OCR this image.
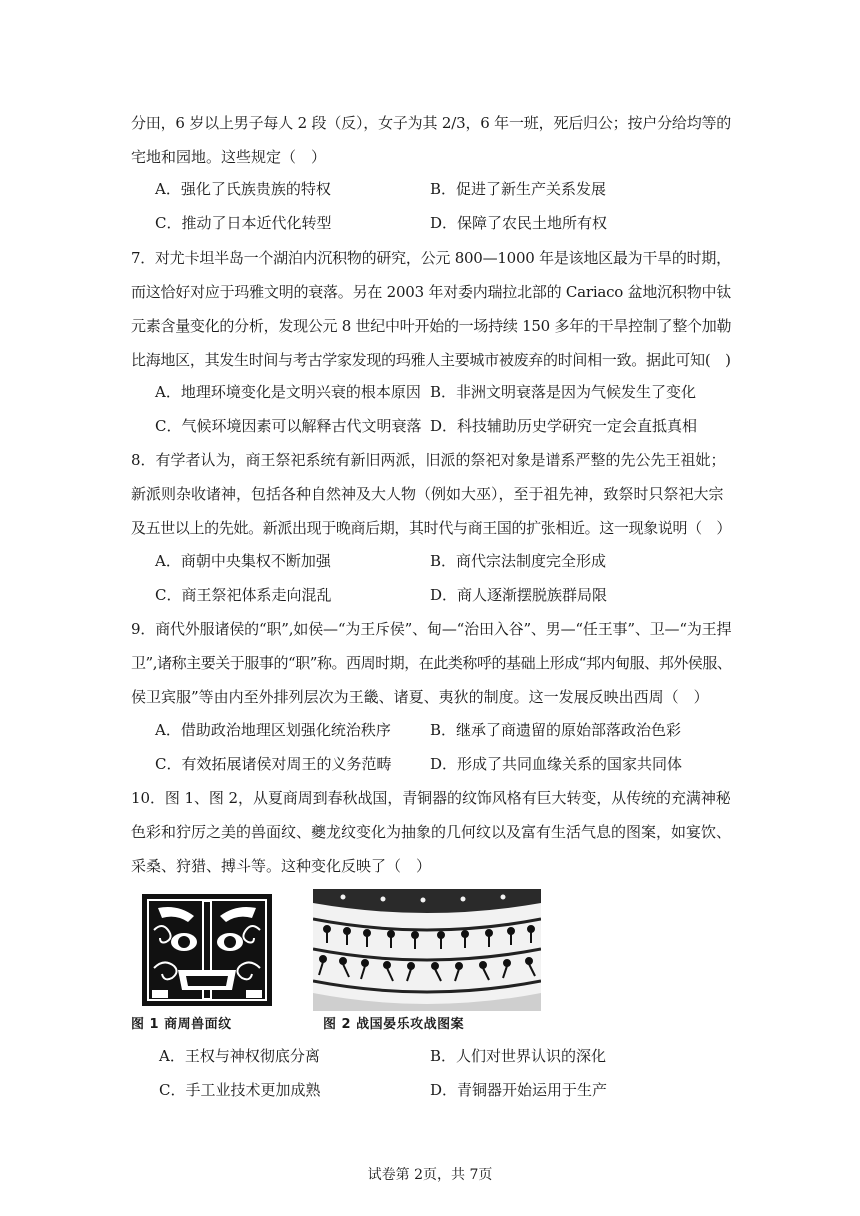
分田，6 岁以上男子每人 2 段（反），女子为其 2/3，6 年一班，死后归公；按户分给均等的
宅地和园地。这些规定（　）
A．强化了氏族贵族的特权	B．促进了新生产关系发展
C．推动了日本近代化转型	D．保障了农民土地所有权
7．对尤卡坦半岛一个湖泊内沉积物的研究，公元 800—1000 年是该地区最为干旱的时期，
而这恰好对应于玛雅文明的衰落。另在 2003 年对委内瑞拉北部的 Cariaco 盆地沉积物中钛
元素含量变化的分析，发现公元 8 世纪中叶开始的一场持续 150 多年的干旱控制了整个加勒
比海地区，其发生时间与考古学家发现的玛雅人主要城市被废弃的时间相一致。据此可知(　)
A．地理环境变化是文明兴衰的根本原因 B．非洲文明衰落是因为气候发生了变化
C．气候环境因素可以解释古代文明衰落 D．科技辅助历史学研究一定会直抵真相
8．有学者认为，商王祭祀系统有新旧两派，旧派的祭祀对象是谱系严整的先公先王祖妣；
新派则杂收诸神，包括各种自然神及大人物（例如大巫），至于祖先神，致祭时只祭祀大宗
及五世以上的先妣。新派出现于晚商后期，其时代与商王国的扩张相近。这一现象说明（　）
A．商朝中央集权不断加强	B．商代宗法制度完全形成
C．商王祭祀体系走向混乱	D．商人逐渐摆脱族群局限
9．商代外服诸侯的“职”,如侯—“为王斥侯”、甸—“治田入谷”、男—“任王事”、卫—“为王捍
卫”,诸称主要关于服事的“职”称。西周时期，在此类称呼的基础上形成“邦内甸服、邦外侯服、
侯卫宾服”等由内至外排列层次为王畿、诸夏、夷狄的制度。这一发展反映出西周（　）
A．借助政治地理区划强化统治秩序	B．继承了商遗留的原始部落政治色彩
C．有效拓展诸侯对周王的义务范畴	D．形成了共同血缘关系的国家共同体
10．图 1、图 2，从夏商周到春秋战国，青铜器的纹饰风格有巨大转变，从传统的充满神秘
色彩和狞厉之美的兽面纹、夔龙纹变化为抽象的几何纹以及富有生活气息的图案，如宴饮、
采桑、狩猎、搏斗等。这种变化反映了（　）
图 1 商周兽面纹	图 2 战国晏乐攻战图案
A．王权与神权彻底分离	B．人们对世界认识的深化
C．手工业技术更加成熟	D．青铜器开始运用于生产
试卷第 2页，共 7页
